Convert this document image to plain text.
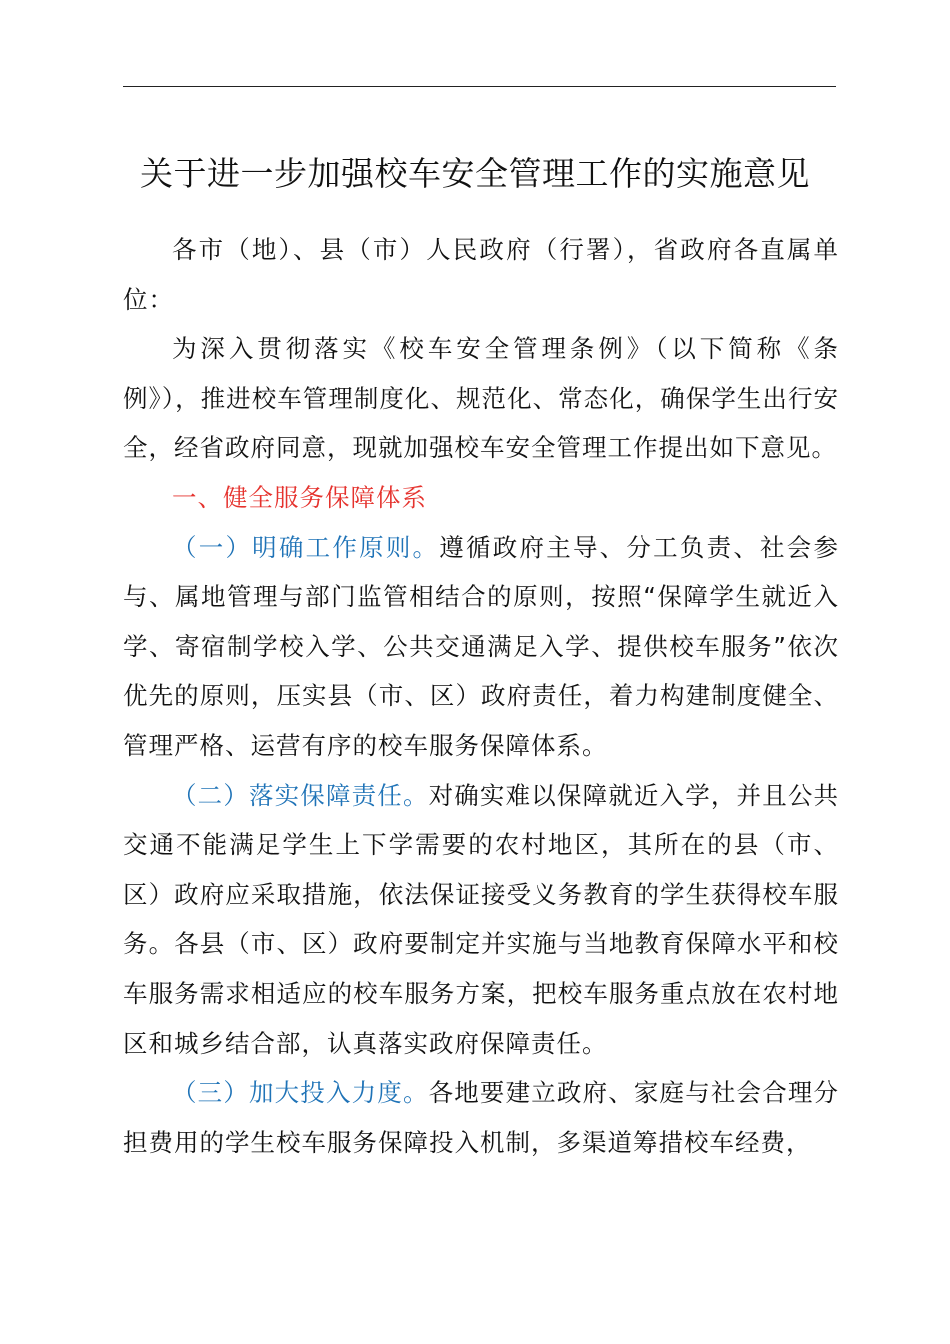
关于进一步加强校车安全管理工作的实施意见

各市（地）、县（市）人民政府（行署），省政府各直属单位：

为深入贯彻落实《校车安全管理条例》（以下简称《条例》），推进校车管理制度化、规范化、常态化，确保学生出行安全，经省政府同意，现就加强校车安全管理工作提出如下意见。

一、健全服务保障体系

（一）明确工作原则。遵循政府主导、分工负责、社会参与、属地管理与部门监管相结合的原则，按照“保障学生就近入学、寄宿制学校入学、公共交通满足入学、提供校车服务”依次优先的原则，压实县（市、区）政府责任，着力构建制度健全、管理严格、运营有序的校车服务保障体系。

（二）落实保障责任。对确实难以保障就近入学，并且公共交通不能满足学生上下学需要的农村地区，其所在的县（市、区）政府应采取措施，依法保证接受义务教育的学生获得校车服务。各县（市、区）政府要制定并实施与当地教育保障水平和校车服务需求相适应的校车服务方案，把校车服务重点放在农村地区和城乡结合部，认真落实政府保障责任。

（三）加大投入力度。各地要建立政府、家庭与社会合理分担费用的学生校车服务保障投入机制，多渠道筹措校车经费，
